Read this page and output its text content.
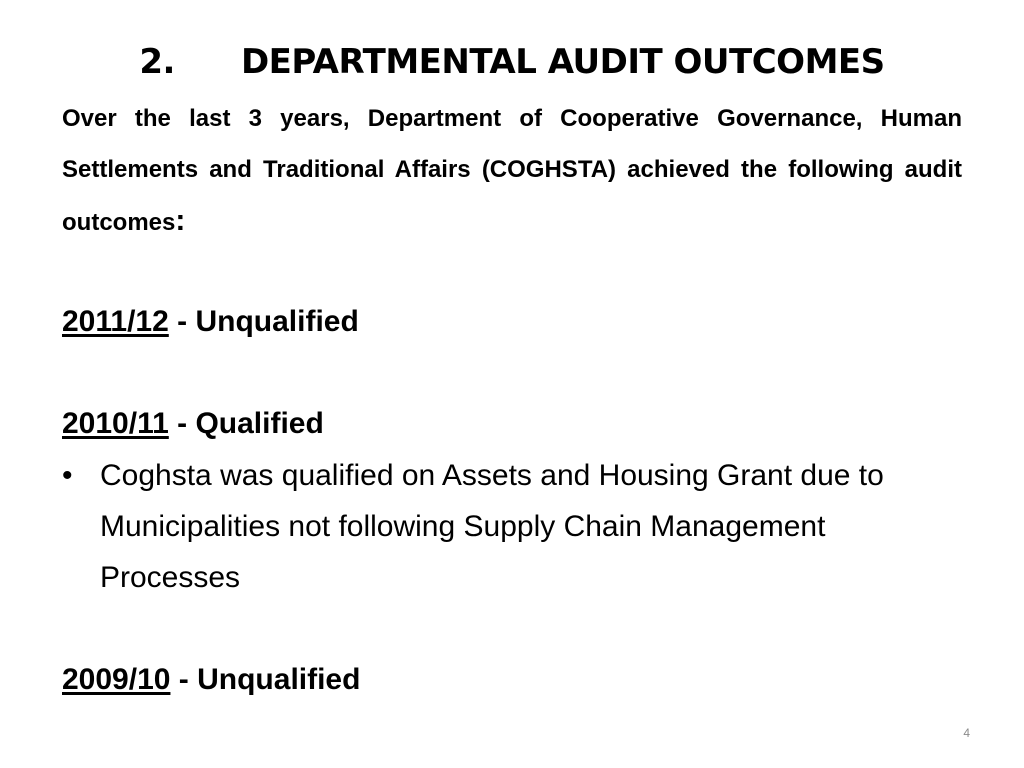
2. DEPARTMENTAL AUDIT OUTCOMES

Over the last 3 years, Department of Cooperative Governance, Human Settlements and Traditional Affairs (COGHSTA) achieved the following audit outcomes:

2011/12 - Unqualified

2010/11 - Qualified

• Coghsta was qualified on Assets and Housing Grant due to Municipalities not following Supply Chain Management Processes

2009/10 - Unqualified

4
